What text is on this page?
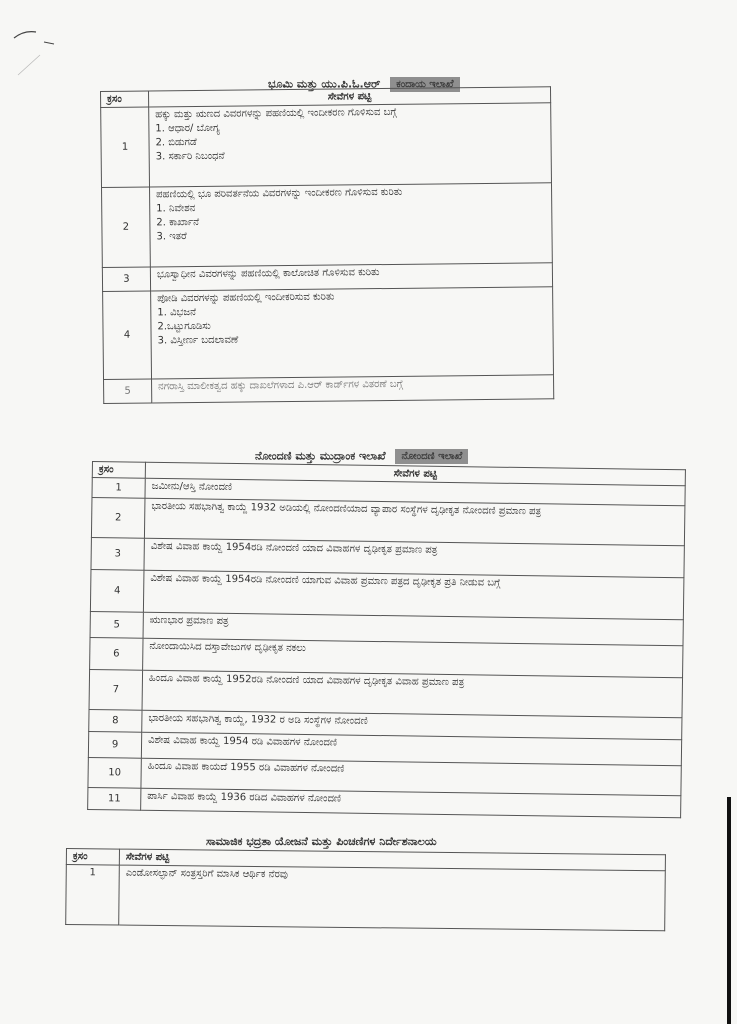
ಭೂಮಿ ಮತ್ತು ಯು.ಪಿ.ಓ.ಆರ್ ಕಂದಾಯ ಇಲಾಖೆ
ಕ್ರಸಂ	ಸೇವೆಗಳ ಪಟ್ಟಿ
1	ಹಕ್ಕು ಮತ್ತು ಋಣದ ವಿವರಗಳನ್ನು ಪಹಣಿಯಲ್ಲಿ ಇಂದೀಕರಣ ಗೊಳಿಸುವ ಬಗ್ಗೆ
1. ಆಧಾರ/ ಬೋಗ್ಯ
2. ಬಿಡುಗಡೆ
3. ಸರ್ಕಾರಿ ನಿಬಂಧನೆ

2	ಪಹಣಿಯಲ್ಲಿ ಭೂ ಪರಿವರ್ತನೆಯ ವಿವರಗಳನ್ನು ಇಂದೀಕರಣ ಗೊಳಿಸುವ ಕುರಿತು
1. ನಿವೇಶನ
2. ಕಾರ್ಖಾನೆ
3. ಇತರೆ

3	ಭೂಸ್ವಾಧೀನ ವಿವರಗಳನ್ನು ಪಹಣಿಯಲ್ಲಿ ಕಾಲೋಚಿತ ಗೊಳಿಸುವ ಕುರಿತು
4	ಪೋಡಿ ವಿವರಗಳನ್ನು ಪಹಣಿಯಲ್ಲಿ ಇಂದೀಕರಿಸುವ ಕುರಿತು
1. ವಿಭಜನೆ
2.ಒಟ್ಟುಗೂಡಿಸು
3. ವಿಸ್ತೀರ್ಣ ಬದಲಾವಣೆ

5	ನಗರಾಸ್ತಿ ಮಾಲೀಕತ್ವದ ಹಕ್ಕು ದಾಖಲೆಗಳಾದ ಪಿ.ಆರ್ ಕಾರ್ಡ್‌ಗಳ ವಿತರಣೆ ಬಗ್ಗೆ
ನೋಂದಣಿ ಮತ್ತು ಮುದ್ರಾಂಕ ಇಲಾಖೆ ನೋಂದಣಿ ಇಲಾಖೆ
ಕ್ರಸಂ	ಸೇವೆಗಳ ಪಟ್ಟಿ
1	ಜಮೀನು/ಆಸ್ತಿ ನೋಂದಣಿ
2	ಭಾರತೀಯ ಸಹಭಾಗಿತ್ವ ಕಾಯ್ದೆ 1932 ಅಡಿಯಲ್ಲಿ ನೋಂದಣಿಯಾದ ವ್ಯಾಪಾರ ಸಂಸ್ಥೆಗಳ ದೃಢೀಕೃತ ನೋಂದಣಿ ಪ್ರಮಾಣ ಪತ್ರ
3	ವಿಶೇಷ ವಿವಾಹ ಕಾಯ್ದೆ 1954ರಡಿ ನೋಂದಣಿ ಯಾದ ವಿವಾಹಗಳ ದೃಢೀಕೃತ ಪ್ರಮಾಣ ಪತ್ರ
4	ವಿಶೇಷ ವಿವಾಹ ಕಾಯ್ದೆ 1954ರಡಿ ನೋಂದಣಿ ಯಾಗುವ ವಿವಾಹ ಪ್ರಮಾಣ ಪತ್ರದ ದೃಢೀಕೃತ ಪ್ರತಿ ನೀಡುವ ಬಗ್ಗೆ
5	ಋಣಭಾರ ಪ್ರಮಾಣ ಪತ್ರ
6	ನೋಂದಾಯಿಸಿದ ದಸ್ತಾವೇಜುಗಳ ದೃಢೀಕೃತ ನಕಲು
7	ಹಿಂದೂ ವಿವಾಹ ಕಾಯ್ದೆ 1952ರಡಿ ನೋಂದಣಿ ಯಾದ ವಿವಾಹಗಳ ದೃಢೀಕೃತ ವಿವಾಹ ಪ್ರಮಾಣ ಪತ್ರ
8	ಭಾರತೀಯ ಸಹಭಾಗಿತ್ವ ಕಾಯ್ದೆ, 1932 ರ ಅಡಿ ಸಂಸ್ಥೆಗಳ ನೋಂದಣಿ
9	ವಿಶೇಷ ವಿವಾಹ ಕಾಯ್ದೆ 1954 ರಡಿ ವಿವಾಹಗಳ ನೋಂದಣಿ
10	ಹಿಂದೂ ವಿವಾಹ ಕಾಯದೆ 1955 ರಡಿ ವಿವಾಹಗಳ ನೋಂದಣಿ
11	ಪಾರ್ಸಿ ವಿವಾಹ ಕಾಯ್ದೆ 1936 ರಡಿದ ವಿವಾಹಗಳ ನೋಂದಣಿ
ಸಾಮಾಜಿಕ ಭದ್ರತಾ ಯೋಜನೆ ಮತ್ತು ಪಿಂಚಣಿಗಳ ನಿರ್ದೇಶನಾಲಯ
ಕ್ರಸಂ	ಸೇವೆಗಳ ಪಟ್ಟಿ
1	ಎಂಡೋಸಲ್ಫಾನ್ ಸಂತ್ರಸ್ತರಿಗೆ ಮಾಸಿಕ ಆರ್ಥಿಕ ನೆರವು
